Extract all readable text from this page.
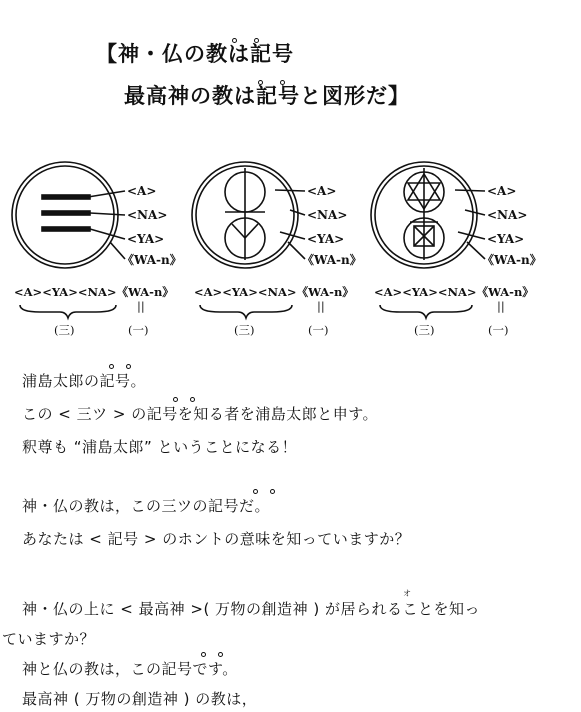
【神・仏の教は記号
最高神の教は記号と図形だ】
<A>
<NA>
<YA>
《WA-n》
<A>
<NA>
<YA>
《WA-n》
<A>
<NA>
<YA>
《WA-n》
<A><YA><NA>《WA-n》 <A><YA><NA>《WA-n》 <A><YA><NA>《WA-n》
||	||	||
(三)	(三)	(三)
(一)	(一)	(一)
浦島太郎の記号。
この < 三ツ > の記号を知る者を浦島太郎と申す。
釈尊も “浦島太郎” ということになる！
神・仏の教は，この三ツの記号だ。
あなたは < 記号 > のホントの意味を知っていますか？
神・仏の上に < 最高神 >( 万物の創造神 ) が居られることを知っ
オ
ていますか？
神と仏の教は，この記号です。
最高神 ( 万物の創造神 ) の教は，
